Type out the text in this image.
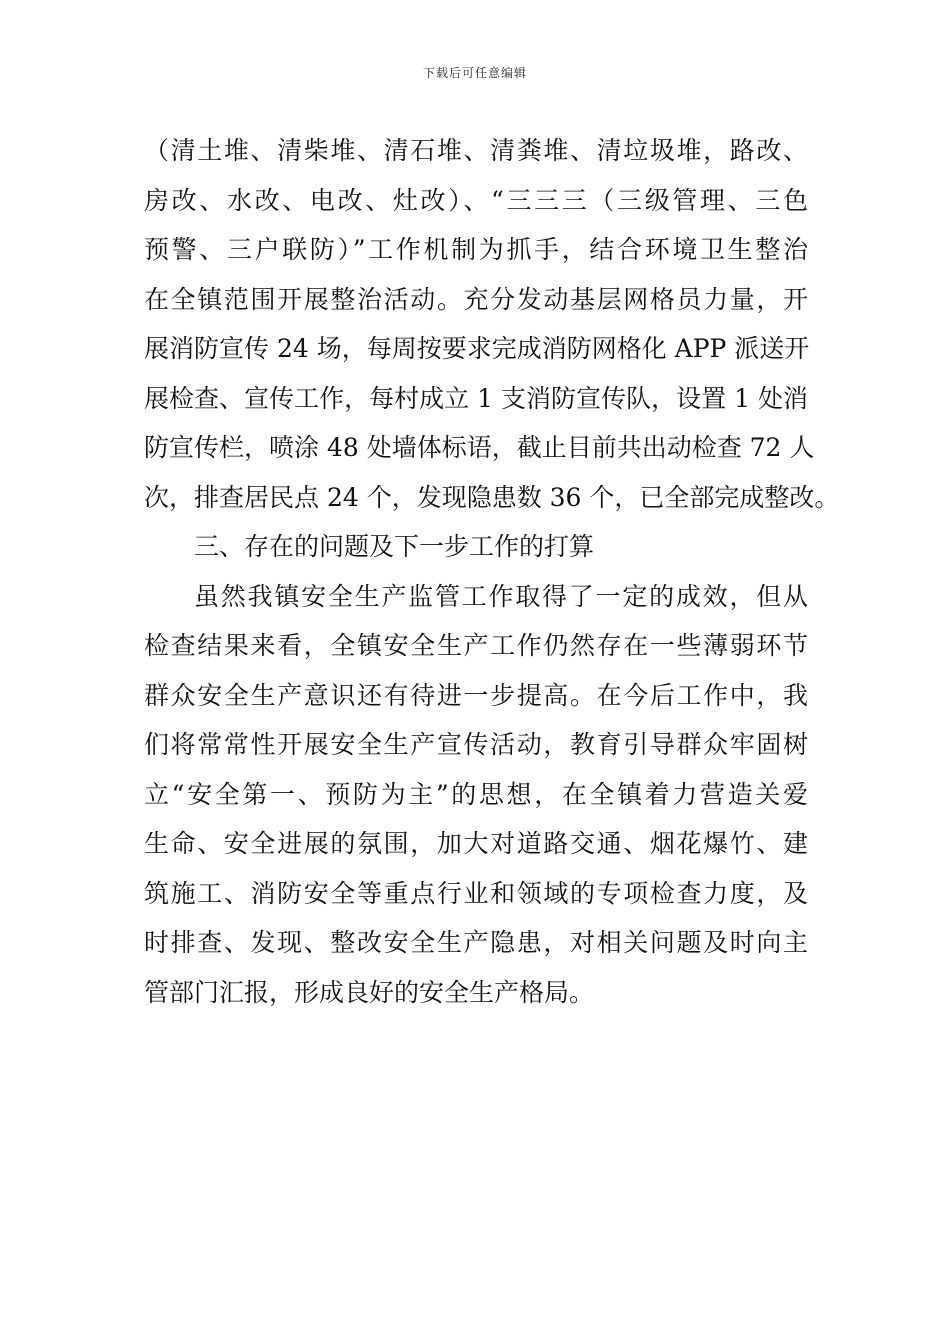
下载后可任意编辑
（清土堆、清柴堆、清石堆、清粪堆、清垃圾堆，路改、
房改、水改、电改、灶改）、“三三三（三级管理、三色
预警、三户联防）”工作机制为抓手，结合环境卫生整治
在全镇范围开展整治活动。充分发动基层网格员力量，开
展消防宣传 24 场，每周按要求完成消防网格化 APP 派送开
展检查、宣传工作，每村成立 1 支消防宣传队，设置 1 处消
防宣传栏，喷涂 48 处墙体标语，截止目前共出动检查 72 人
次，排查居民点 24 个，发现隐患数 36 个，已全部完成整改。
三、存在的问题及下一步工作的打算
虽然我镇安全生产监管工作取得了一定的成效，但从
检查结果来看，全镇安全生产工作仍然存在一些薄弱环节
群众安全生产意识还有待进一步提高。在今后工作中，我
们将常常性开展安全生产宣传活动，教育引导群众牢固树
立“安全第一、预防为主”的思想，在全镇着力营造关爱
生命、安全进展的氛围，加大对道路交通、烟花爆竹、建
筑施工、消防安全等重点行业和领域的专项检查力度，及
时排查、发现、整改安全生产隐患，对相关问题及时向主
管部门汇报，形成良好的安全生产格局。
